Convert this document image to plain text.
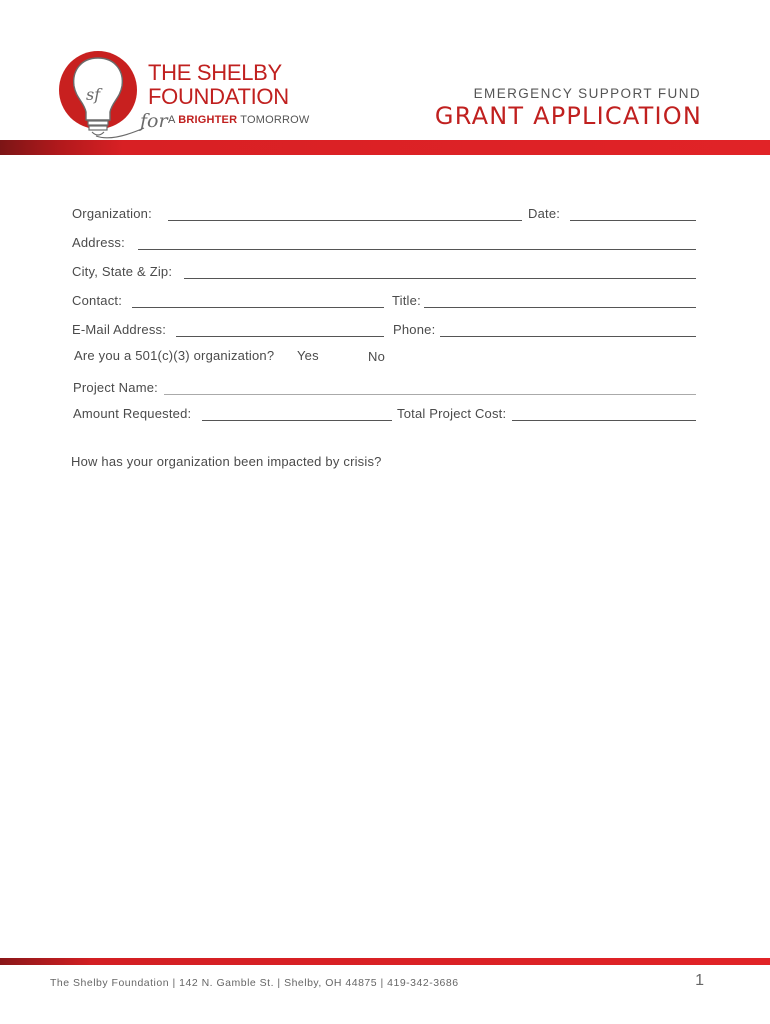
sf
THE SHELBY
FOUNDATION
for A BRIGHTER TOMORROW
EMERGENCY SUPPORT FUND
GRANT APPLICATION
Organization:	Date:
Address:
City, State & Zip:
Contact:	Title:
E-Mail Address:	Phone:
Are you a 501(c)(3) organization? Yes	No
Project Name:
Amount Requested:	Total Project Cost:
How has your organization been impacted by crisis?
The Shelby Foundation | 142 N. Gamble St. | Shelby, OH 44875 | 419-342-3686	1
